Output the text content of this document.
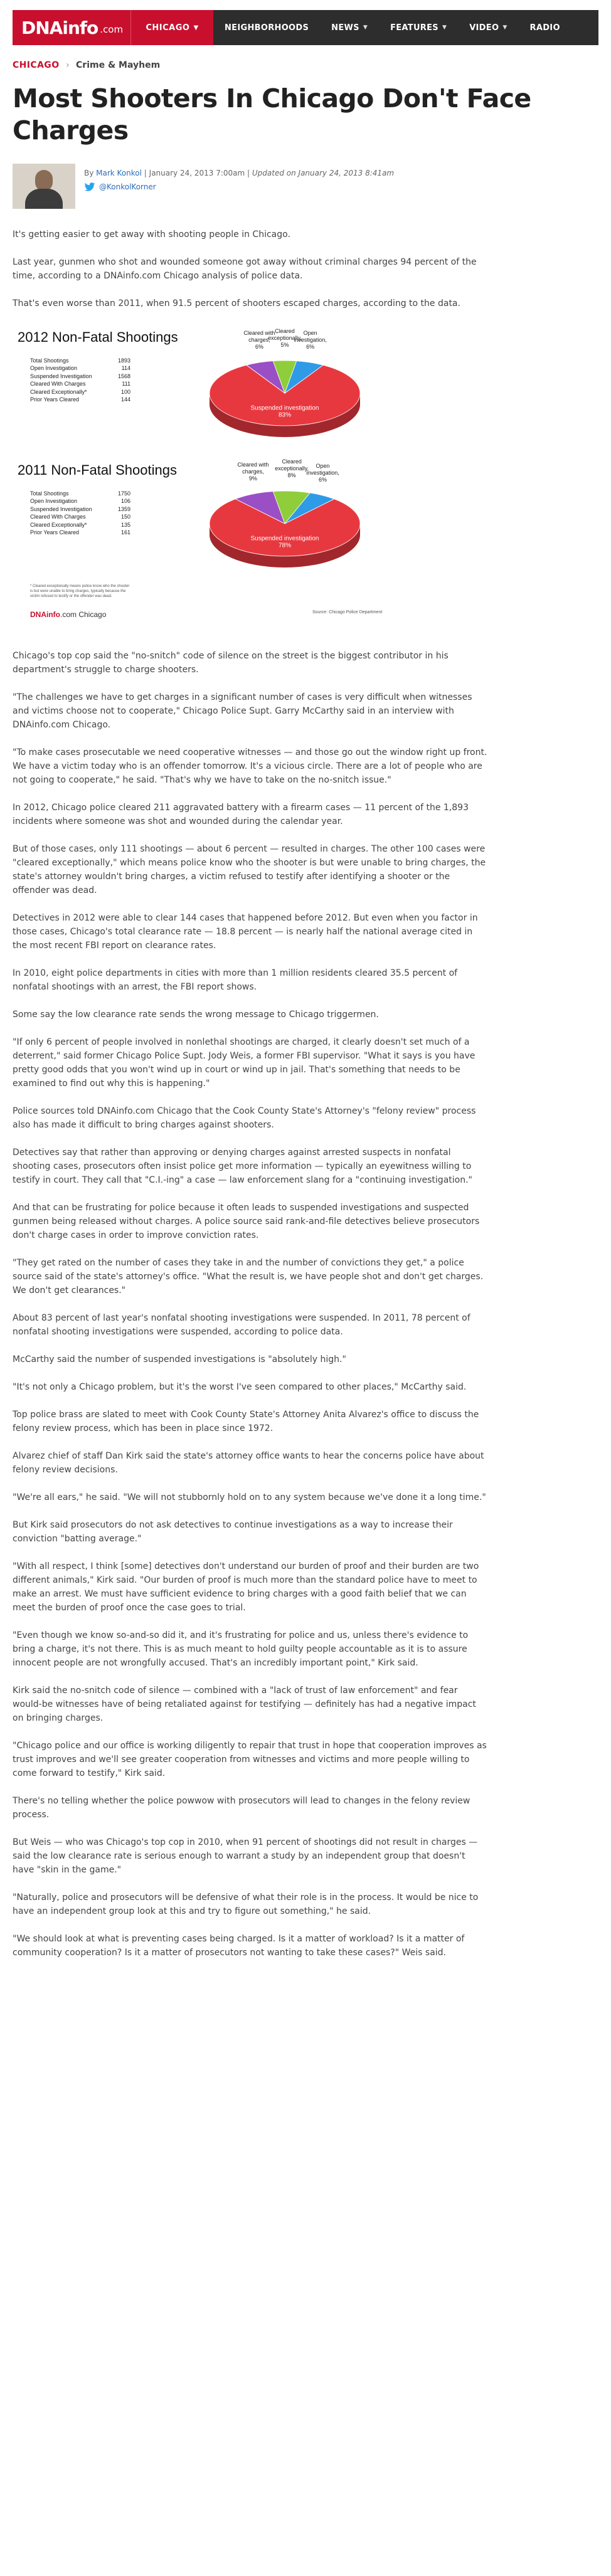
DNAinfo .com	CHICAGO ▼	NEIGHBORHOODS	NEWS ▼	FEATURES ▼	VIDEO ▼	RADIO
CHICAGO › Crime & Mayhem
Most Shooters In Chicago Don't Face Charges
By Mark Konkol | January 24, 2013 7:00am | Updated on January 24, 2013 8:41am
@KonkolKorner

It's getting easier to get away with shooting people in Chicago.

Last year, gunmen who shot and wounded someone got away without criminal charges 94 percent of the time, according to a DNAinfo.com Chicago analysis of police data.

That's even worse than 2011, when 91.5 percent of shooters escaped charges, according to the data.

2012 Non-Fatal Shootings
Total Shootings	1893
Open Investigation	114
Suspended Investigation	1568
Cleared With Charges	111
Cleared Exceptionally*	100
Prior Years Cleared	144
Suspended investigation 83%
Cleared with charges, 6%
Cleared exceptionally, 5%
Open investigation, 6%
2011 Non-Fatal Shootings
Total Shootings	1750
Open Investigation	106
Suspended Investigation	1359
Cleared With Charges	150
Cleared Exceptionally*	135
Prior Years Cleared	161
Suspended investigation 78%
Cleared with charges, 9%
Cleared exceptionally, 8%
Open investigation, 6%
* Cleared exceptionally means police know who the shooter is but were unable to bring charges, typically because the victim refused to testify or the offender was dead.
DNAinfo.com Chicago	Source: Chicago Police Department

Chicago's top cop said the "no-snitch" code of silence on the street is the biggest contributor in his department's struggle to charge shooters.

"The challenges we have to get charges in a significant number of cases is very difficult when witnesses and victims choose not to cooperate," Chicago Police Supt. Garry McCarthy said in an interview with DNAinfo.com Chicago.

"To make cases prosecutable we need cooperative witnesses — and those go out the window right up front. We have a victim today who is an offender tomorrow. It's a vicious circle. There are a lot of people who are not going to cooperate," he said. "That's why we have to take on the no-snitch issue."

In 2012, Chicago police cleared 211 aggravated battery with a firearm cases — 11 percent of the 1,893 incidents where someone was shot and wounded during the calendar year.

But of those cases, only 111 shootings — about 6 percent — resulted in charges. The other 100 cases were "cleared exceptionally," which means police know who the shooter is but were unable to bring charges, the state's attorney wouldn't bring charges, a victim refused to testify after identifying a shooter or the offender was dead.

Detectives in 2012 were able to clear 144 cases that happened before 2012. But even when you factor in those cases, Chicago's total clearance rate — 18.8 percent — is nearly half the national average cited in the most recent FBI report on clearance rates.

In 2010, eight police departments in cities with more than 1 million residents cleared 35.5 percent of nonfatal shootings with an arrest, the FBI report shows.

Some say the low clearance rate sends the wrong message to Chicago triggermen.

"If only 6 percent of people involved in nonlethal shootings are charged, it clearly doesn't set much of a deterrent," said former Chicago Police Supt. Jody Weis, a former FBI supervisor. "What it says is you have pretty good odds that you won't wind up in court or wind up in jail. That's something that needs to be examined to find out why this is happening."

Police sources told DNAinfo.com Chicago that the Cook County State's Attorney's "felony review" process also has made it difficult to bring charges against shooters.

Detectives say that rather than approving or denying charges against arrested suspects in nonfatal shooting cases, prosecutors often insist police get more information — typically an eyewitness willing to testify in court. They call that "C.I.-ing" a case — law enforcement slang for a "continuing investigation."

And that can be frustrating for police because it often leads to suspended investigations and suspected gunmen being released without charges. A police source said rank-and-file detectives believe prosecutors don't charge cases in order to improve conviction rates.

"They get rated on the number of cases they take in and the number of convictions they get," a police source said of the state's attorney's office. "What the result is, we have people shot and don't get charges. We don't get clearances."

About 83 percent of last year's nonfatal shooting investigations were suspended. In 2011, 78 percent of nonfatal shooting investigations were suspended, according to police data.

McCarthy said the number of suspended investigations is "absolutely high."

"It's not only a Chicago problem, but it's the worst I've seen compared to other places," McCarthy said.

Top police brass are slated to meet with Cook County State's Attorney Anita Alvarez's office to discuss the felony review process, which has been in place since 1972.

Alvarez chief of staff Dan Kirk said the state's attorney office wants to hear the concerns police have about felony review decisions.

"We're all ears," he said. "We will not stubbornly hold on to any system because we've done it a long time."

But Kirk said prosecutors do not ask detectives to continue investigations as a way to increase their conviction "batting average."

"With all respect, I think [some] detectives don't understand our burden of proof and their burden are two different animals," Kirk said. "Our burden of proof is much more than the standard police have to meet to make an arrest. We must have sufficient evidence to bring charges with a good faith belief that we can meet the burden of proof once the case goes to trial.

"Even though we know so-and-so did it, and it's frustrating for police and us, unless there's evidence to bring a charge, it's not there. This is as much meant to hold guilty people accountable as it is to assure innocent people are not wrongfully accused. That's an incredibly important point," Kirk said.

Kirk said the no-snitch code of silence — combined with a "lack of trust of law enforcement" and fear would-be witnesses have of being retaliated against for testifying — definitely has had a negative impact on bringing charges.

"Chicago police and our office is working diligently to repair that trust in hope that cooperation improves as trust improves and we'll see greater cooperation from witnesses and victims and more people willing to come forward to testify," Kirk said.

There's no telling whether the police powwow with prosecutors will lead to changes in the felony review process.

But Weis — who was Chicago's top cop in 2010, when 91 percent of shootings did not result in charges — said the low clearance rate is serious enough to warrant a study by an independent group that doesn't have "skin in the game."

"Naturally, police and prosecutors will be defensive of what their role is in the process. It would be nice to have an independent group look at this and try to figure out something," he said.

"We should look at what is preventing cases being charged. Is it a matter of workload? Is it a matter of community cooperation? Is it a matter of prosecutors not wanting to take these cases?" Weis said.
